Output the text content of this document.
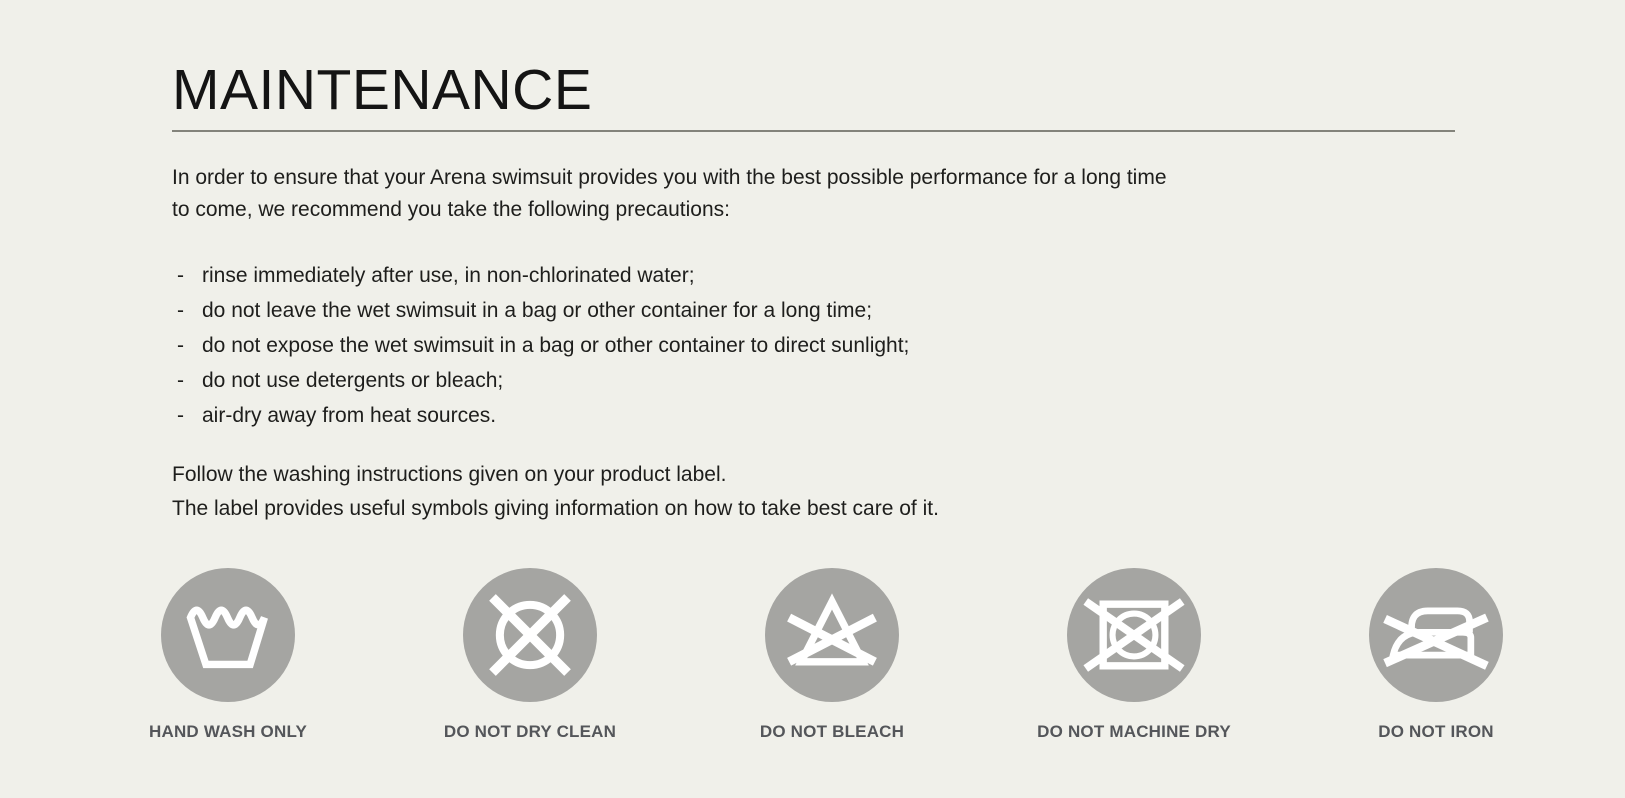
MAINTENANCE
In order to ensure that your Arena swimsuit provides you with the best possible performance for a long time
to come, we recommend you take the following precautions:
- rinse immediately after use, in non-chlorinated water;
- do not leave the wet swimsuit in a bag or other container for a long time;
- do not expose the wet swimsuit in a bag or other container to direct sunlight;
- do not use detergents or bleach;
- air-dry away from heat sources.
Follow the washing instructions given on your product label.
The label provides useful symbols giving information on how to take best care of it.
HAND WASH ONLY	DO NOT DRY CLEAN	DO NOT BLEACH	DO NOT MACHINE DRY	DO NOT IRON
